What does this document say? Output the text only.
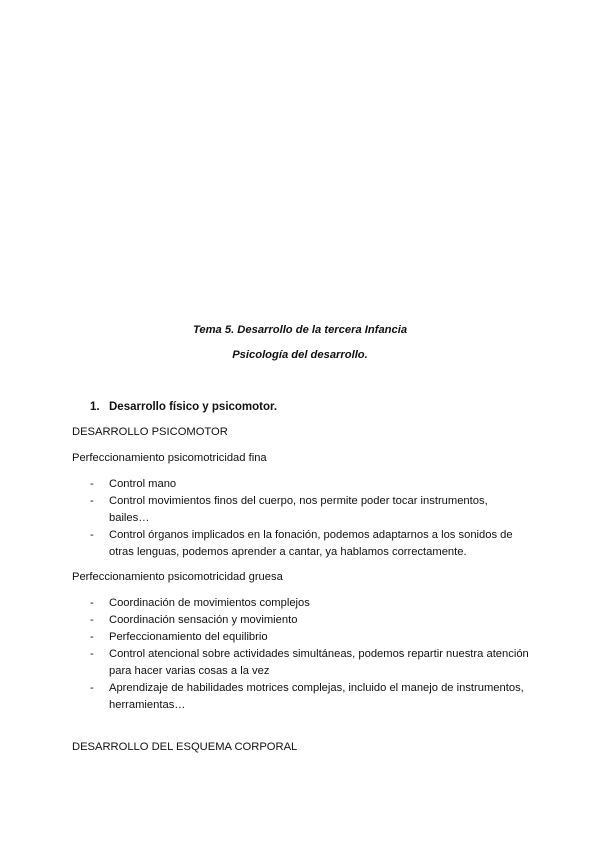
Tema 5. Desarrollo de la tercera Infancia
Psicología del desarrollo.
1. Desarrollo físico y psicomotor.
DESARROLLO PSICOMOTOR
Perfeccionamiento psicomotricidad fina
- Control mano
- Control movimientos finos del cuerpo, nos permite poder tocar instrumentos, bailes…
- Control órganos implicados en la fonación, podemos adaptarnos a los sonidos de otras lenguas, podemos aprender a cantar, ya hablamos correctamente.
Perfeccionamiento psicomotricidad gruesa
- Coordinación de movimientos complejos
- Coordinación sensación y movimiento
- Perfeccionamiento del equilibrio
- Control atencional sobre actividades simultáneas, podemos repartir nuestra atención para hacer varias cosas a la vez
- Aprendizaje de habilidades motrices complejas, incluido el manejo de instrumentos, herramientas…
DESARROLLO DEL ESQUEMA CORPORAL
